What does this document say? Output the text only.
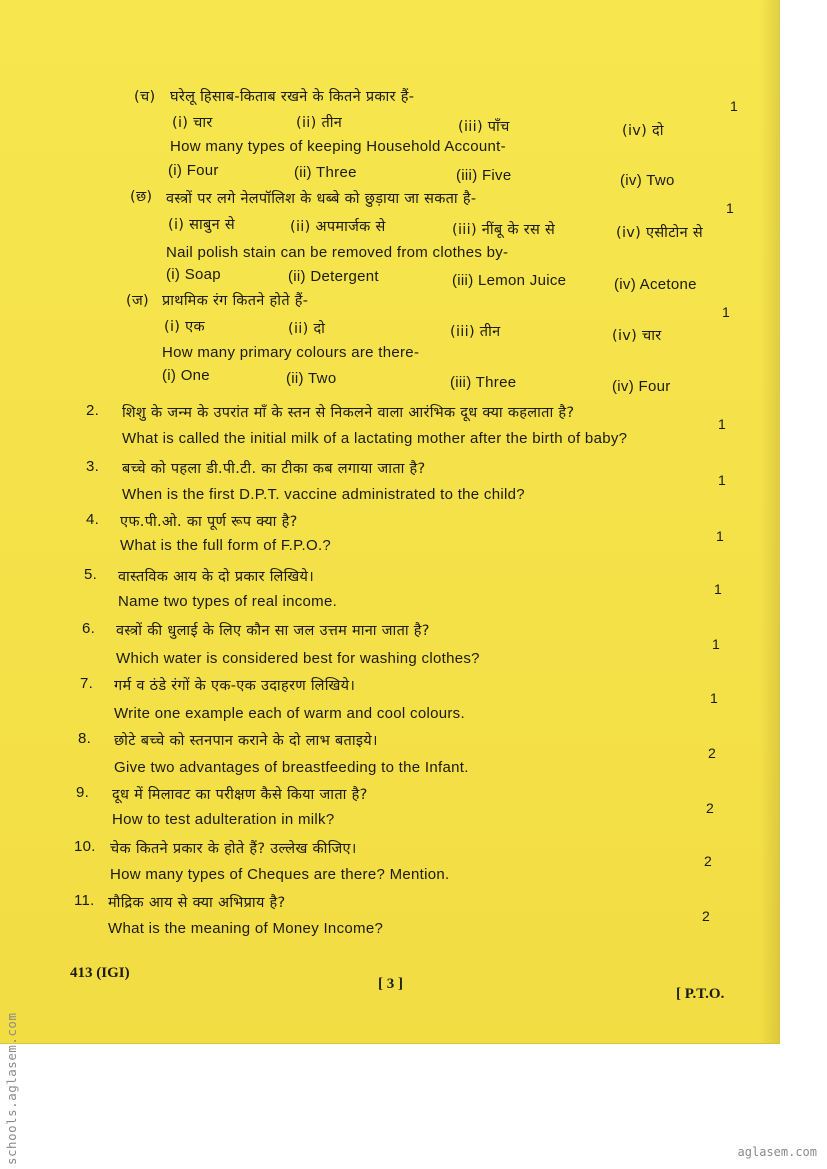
(च) घरेलू हिसाब-किताब रखने के कितने प्रकार हैं-
1
(i) चार	(ii) तीन	(iii) पाँच	(iv) दो
How many types of keeping Household Account-
(i) Four	(ii) Three	(iii) Five	(iv) Two
(छ) वस्त्रों पर लगे नेलपॉलिश के धब्बे को छुड़ाया जा सकता है-
1
(i) साबुन से	(ii) अपमार्जक से	(iii) नींबू के रस से	(iv) एसीटोन से
Nail polish stain can be removed from clothes by-
(i) Soap	(ii) Detergent	(iii) Lemon Juice	(iv) Acetone
(ज) प्राथमिक रंग कितने होते हैं-
1
(i) एक	(ii) दो	(iii) तीन	(iv) चार
How many primary colours are there-
(i) One	(ii) Two	(iii) Three	(iv) Four
2. शिशु के जन्म के उपरांत माँ के स्तन से निकलने वाला आरंभिक दूध क्या कहलाता है?
What is called the initial milk of a lactating mother after the birth of baby?
1
3. बच्चे को पहला डी.पी.टी. का टीका कब लगाया जाता है?
When is the first D.P.T. vaccine administrated to the child?
1
4. एफ.पी.ओ. का पूर्ण रूप क्या है?
What is the full form of F.P.O.?
1
5. वास्तविक आय के दो प्रकार लिखिये।
Name two types of real income.
1
6. वस्त्रों की धुलाई के लिए कौन सा जल उत्तम माना जाता है?
Which water is considered best for washing clothes?
1
7. गर्म व ठंडे रंगों के एक-एक उदाहरण लिखिये।
Write one example each of warm and cool colours.
1
8. छोटे बच्चे को स्तनपान कराने के दो लाभ बताइये।
Give two advantages of breastfeeding to the Infant.
2
9. दूध में मिलावट का परीक्षण कैसे किया जाता है?
How to test adulteration in milk?
2
10. चेक कितने प्रकार के होते हैं? उल्लेख कीजिए।
How many types of Cheques are there? Mention.
2
11. मौद्रिक आय से क्या अभिप्राय है?
What is the meaning of Money Income?
2
413 (IGI)
[ 3 ]
[ P.T.O.
schools.aglasem.com	aglasem.com
